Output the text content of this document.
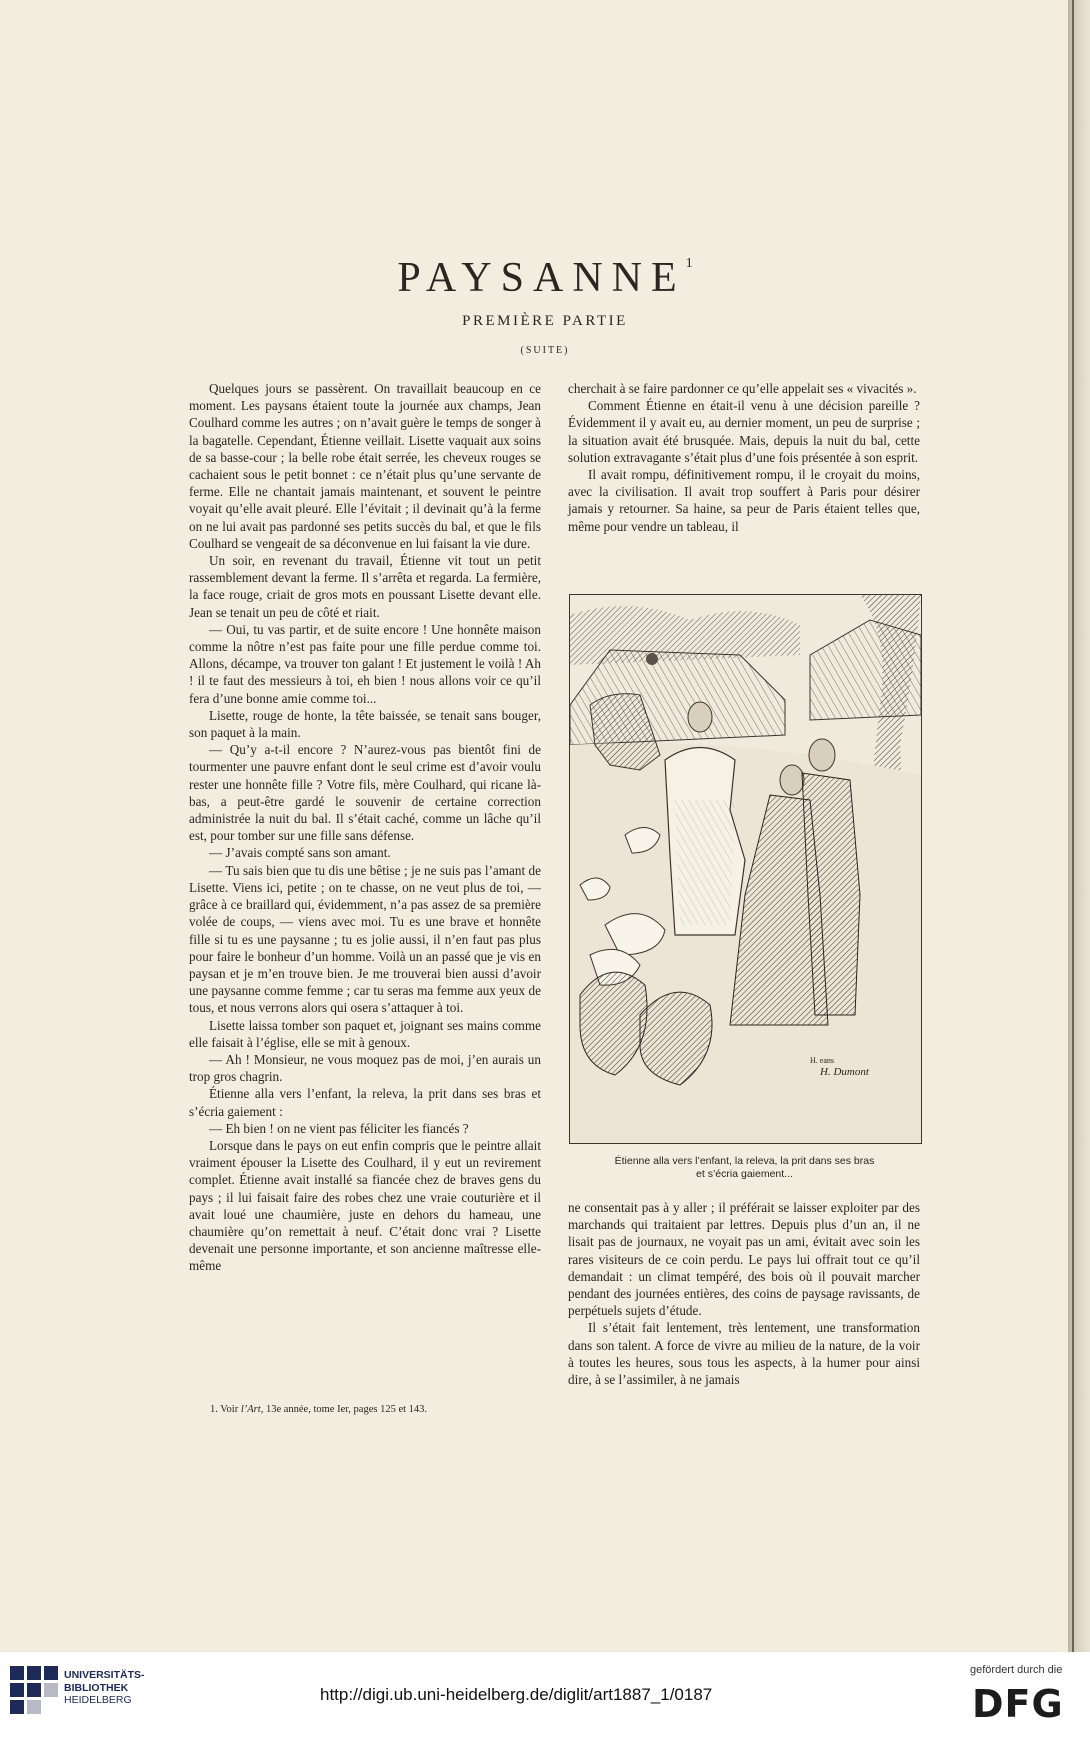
PAYSANNE$^1$
PREMIÈRE PARTIE
(SUITE)

Quelques jours se passèrent. On travaillait beaucoup en ce moment. Les paysans étaient toute la journée aux champs, Jean Coulhard comme les autres ; on n’avait guère le temps de songer à la bagatelle. Cependant, Étienne veillait. Lisette vaquait aux soins de sa basse-cour ; la belle robe était serrée, les cheveux rouges se cachaient sous le petit bonnet : ce n’était plus qu’une servante de ferme. Elle ne chantait jamais maintenant, et souvent le peintre voyait qu’elle avait pleuré. Elle l’évitait ; il devinait qu’à la ferme on ne lui avait pas pardonné ses petits succès du bal, et que le fils Coulhard se vengeait de sa déconvenue en lui faisant la vie dure.

Un soir, en revenant du travail, Étienne vit tout un petit rassemblement devant la ferme. Il s’arrêta et regarda. La fermière, la face rouge, criait de gros mots en poussant Lisette devant elle. Jean se tenait un peu de côté et riait.

— Oui, tu vas partir, et de suite encore ! Une honnête maison comme la nôtre n’est pas faite pour une fille perdue comme toi. Allons, décampe, va trouver ton galant ! Et justement le voilà ! Ah ! il te faut des messieurs à toi, eh bien ! nous allons voir ce qu’il fera d’une bonne amie comme toi...

Lisette, rouge de honte, la tête baissée, se tenait sans bouger, son paquet à la main.

— Qu’y a-t-il encore ? N’aurez-vous pas bientôt fini de tourmenter une pauvre enfant dont le seul crime est d’avoir voulu rester une honnête fille ? Votre fils, mère Coulhard, qui ricane là-bas, a peut-être gardé le souvenir de certaine correction administrée la nuit du bal. Il s’était caché, comme un lâche qu’il est, pour tomber sur une fille sans défense.

— J’avais compté sans son amant.

— Tu sais bien que tu dis une bêtise ; je ne suis pas l’amant de Lisette. Viens ici, petite ; on te chasse, on ne veut plus de toi, — grâce à ce braillard qui, évidemment, n’a pas assez de sa première volée de coups, — viens avec moi. Tu es une brave et honnête fille si tu es une paysanne ; tu es jolie aussi, il n’en faut pas plus pour faire le bonheur d’un homme. Voilà un an passé que je vis en paysan et je m’en trouve bien. Je me trouverai bien aussi d’avoir une paysanne comme femme ; car tu seras ma femme aux yeux de tous, et nous verrons alors qui osera s’attaquer à toi.

Lisette laissa tomber son paquet et, joignant ses mains comme elle faisait à l’église, elle se mit à genoux.

— Ah ! Monsieur, ne vous moquez pas de moi, j’en aurais un trop gros chagrin.

Étienne alla vers l’enfant, la releva, la prit dans ses bras et s’écria gaiement :

— Eh bien ! on ne vient pas féliciter les fiancés ?

Lorsque dans le pays on eut enfin compris que le peintre allait vraiment épouser la Lisette des Coulhard, il y eut un revirement complet. Étienne avait installé sa fiancée chez de braves gens du pays ; il lui faisait faire des robes chez une vraie couturière et il avait loué une chaumière, juste en dehors du hameau, une chaumière qu’on remettait à neuf. C’était donc vrai ? Lisette devenait une personne importante, et son ancienne maîtresse elle-même

cherchait à se faire pardonner ce qu’elle appelait ses « vivacités ».

Comment Étienne en était-il venu à une décision pareille ? Évidemment il y avait eu, au dernier moment, un peu de surprise ; la situation avait été brusquée. Mais, depuis la nuit du bal, cette solution extravagante s’était plus d’une fois présentée à son esprit.

Il avait rompu, définitivement rompu, il le croyait du moins, avec la civilisation. Il avait trop souffert à Paris pour désirer jamais y retourner. Sa haine, sa peur de Paris étaient telles que, même pour vendre un tableau, il

H. eans
H. Dumont
Étienne alla vers l’enfant, la releva, la prit dans ses bras
et s’écria gaiement...

ne consentait pas à y aller ; il préférait se laisser exploiter par des marchands qui traitaient par lettres. Depuis plus d’un an, il ne lisait pas de journaux, ne voyait pas un ami, évitait avec soin les rares visiteurs de ce coin perdu. Le pays lui offrait tout ce qu’il demandait : un climat tempéré, des bois où il pouvait marcher pendant des journées entières, des coins de paysage ravissants, de perpétuels sujets d’étude.

Il s’était fait lentement, très lentement, une transformation dans son talent. A force de vivre au milieu de la nature, de la voir à toutes les heures, sous tous les aspects, à la humer pour ainsi dire, à se l’assimiler, à ne jamais

1. Voir l’Art, 13e année, tome Ier, pages 125 et 143.
UNIVERSITÄTS-
BIBLIOTHEK
HEIDELBERG	http://digi.ub.uni-heidelberg.de/diglit/art1887_1/0187
gefördert durch die
DFG
